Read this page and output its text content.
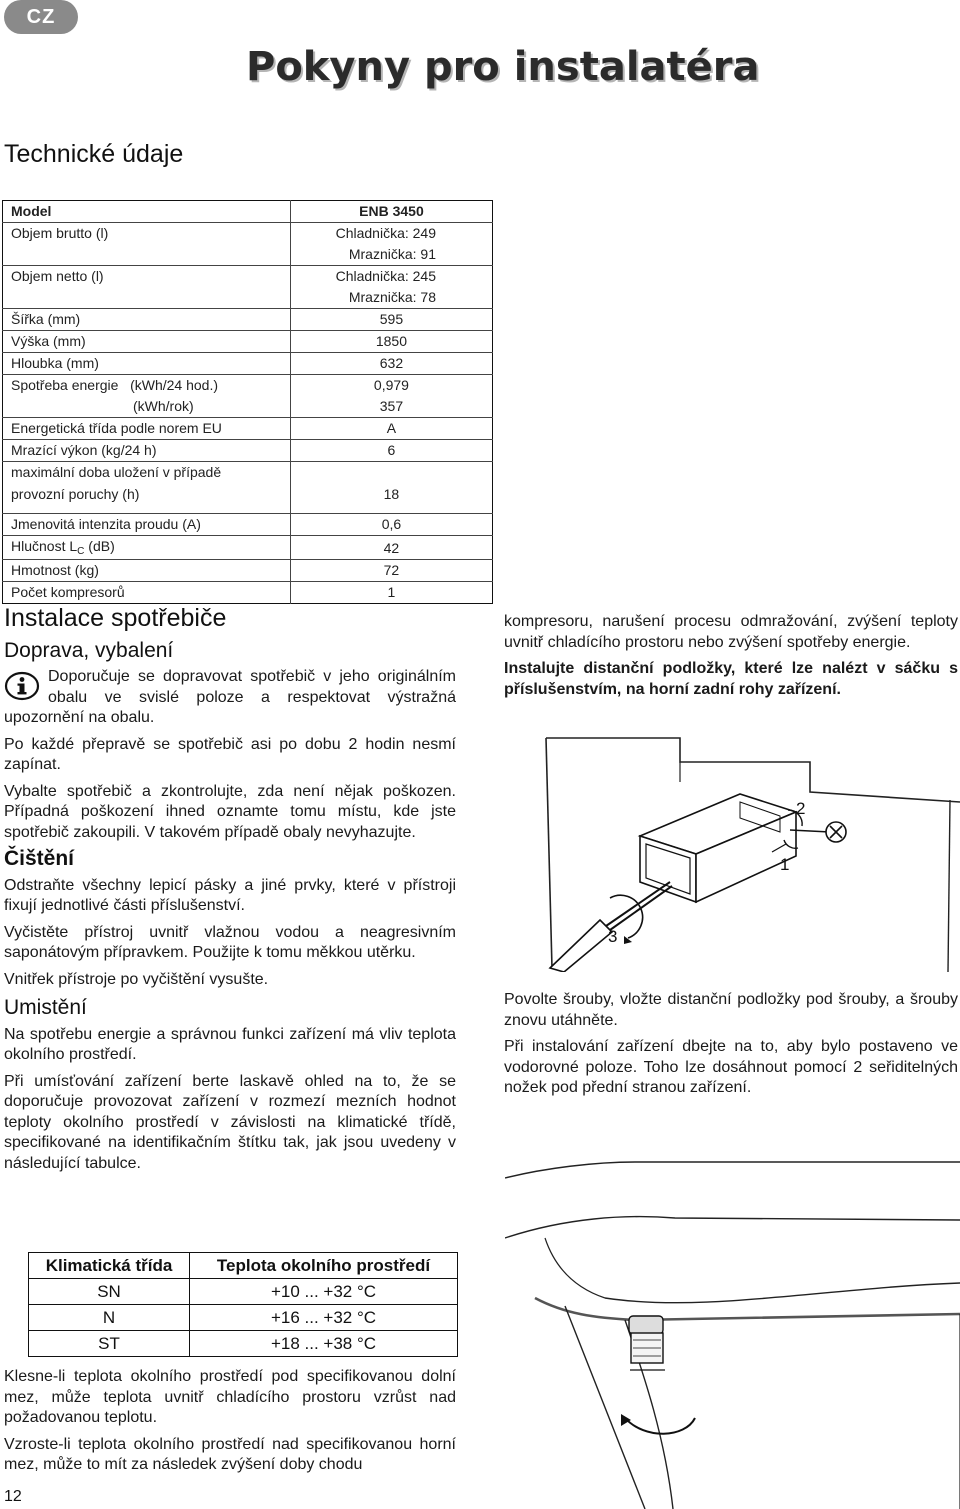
CZ
Pokyny pro instalatéra
Technické údaje
Model	ENB 3450
Objem brutto (l)	Chladnička: 249
	Mraznička: 91
Objem netto (l)	Chladnička: 245
	Mraznička: 78
Šířka (mm)	595
Výška (mm)	1850
Hloubka (mm)	632
Spotřeba energie   (kWh/24 hod.)	0,979
(kWh/rok)	357
Energetická třída podle norem EU	A
Mrazící výkon (kg/24 h)	6
maximální doba uložení v případě	
provozní poruchy (h)	18
Jmenovitá intenzita proudu (A)	0,6
Hlučnost $L_C$ (dB)	42
Hmotnost (kg)	72
Počet kompresorů	1
Instalace spotřebiče
Doprava, vybalení

Doporučuje se dopravovat spotřebič v jeho originálním obalu ve svislé poloze a respektovat výstražná upozornění na obalu.

Po každé přepravě se spotřebič asi po dobu 2 hodin nesmí zapínat.

Vybalte spotřebič a zkontrolujte, zda není nějak poškozen. Případná poškození ihned oznamte tomu místu, kde jste spotřebič zakoupili. V takovém případě obaly nevyhazujte.

Čištění

Odstraňte všechny lepicí pásky a jiné prvky, které v přístroji fixují jednotlivé části příslušenství.

Vyčistěte přístroj uvnitř vlažnou vodou a neagresivním saponátovým přípravkem. Použijte k tomu měkkou utěrku.

Vnitřek přístroje po vyčištění vysušte.

Umistění

Na spotřebu energie a správnou funkci zařízení má vliv teplota okolního prostředí.

Při umísťování zařízení berte laskavě ohled na to, že se doporučuje provozovat zařízení v rozmezí mezních hodnot teploty okolního prostředí v závislosti na klimatické třídě, specifikované na identifikačním štítku tak, jak jsou uvedeny v následující tabulce.

Klimatická třída	Teplota okolního prostředí
SN	+10 ... +32 °C
N	+16 ... +32 °C
ST	+18 ... +38 °C

Klesne-li teplota okolního prostředí pod specifikovanou dolní mez, může teplota uvnitř chladícího prostoru vzrůst nad požadovanou teplotu.

Vzroste-li teplota okolního prostředí nad specifikovanou horní mez, může to mít za následek zvýšení doby chodu

kompresoru, narušení procesu odmražování, zvýšení teploty uvnitř chladícího prostoru nebo zvýšení spotřeby energie.

Instalujte distanční podložky, které lze nalézt v sáčku s příslušenstvím, na horní zadní rohy zařízení.

2
1
3

Povolte šrouby, vložte distanční podložky pod šrouby, a šrouby znovu utáhněte.

Při instalování zařízení dbejte na to, aby bylo postaveno ve vodorovné poloze. Toho lze dosáhnout pomocí 2 seřiditelných nožek pod přední stranou zařízení.

12
